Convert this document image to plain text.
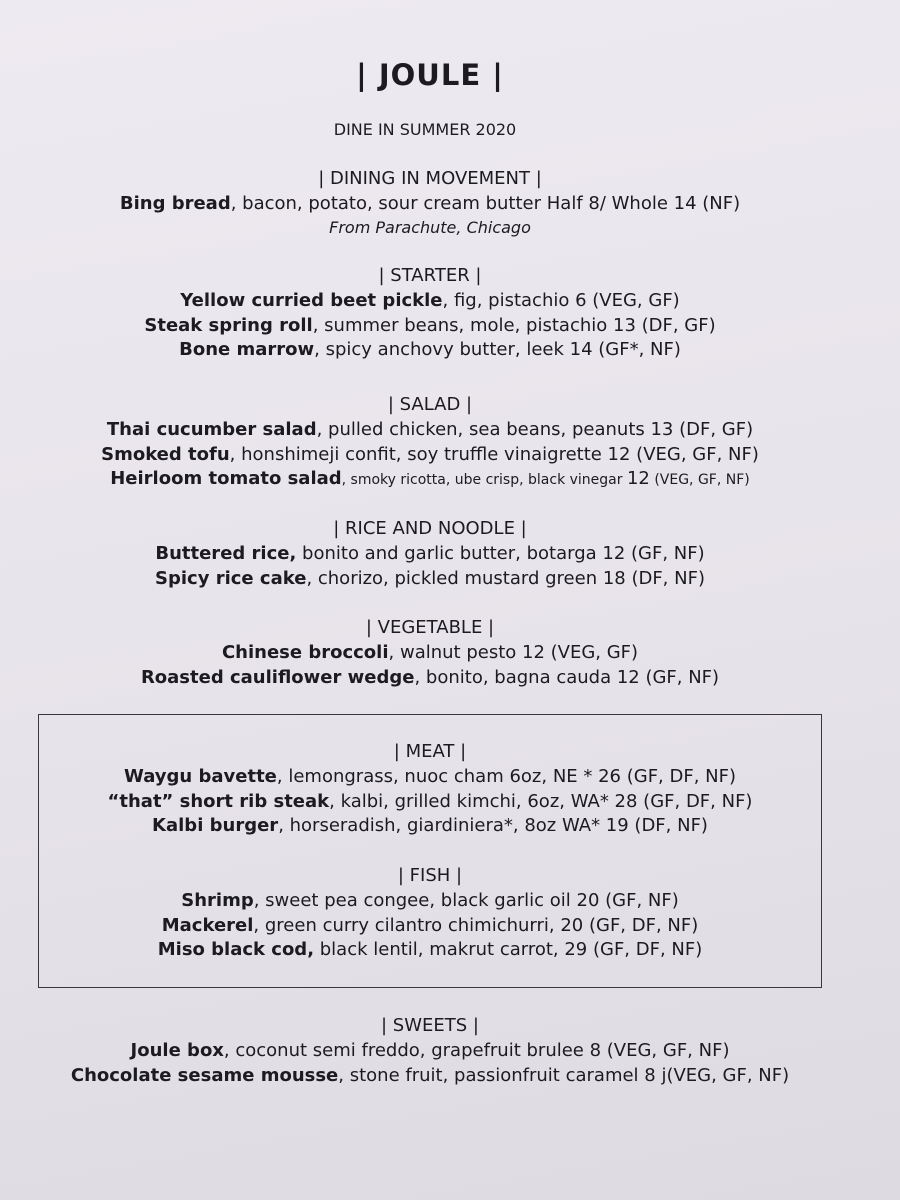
| JOULE |
DINE IN SUMMER 2020
| DINING IN MOVEMENT |
Bing bread, bacon, potato, sour cream butter Half 8/ Whole 14 (NF)
From Parachute, Chicago
| STARTER |
Yellow curried beet pickle, fig, pistachio 6 (VEG, GF)
Steak spring roll, summer beans, mole, pistachio 13 (DF, GF)
Bone marrow, spicy anchovy butter, leek 14 (GF*, NF)
| SALAD |
Thai cucumber salad, pulled chicken, sea beans, peanuts 13 (DF, GF)
Smoked tofu, honshimeji confit, soy truffle vinaigrette 12 (VEG, GF, NF)
Heirloom tomato salad, smoky ricotta, ube crisp, black vinegar 12 (VEG, GF, NF)
| RICE AND NOODLE |
Buttered rice, bonito and garlic butter, botarga 12 (GF, NF)
Spicy rice cake, chorizo, pickled mustard green 18 (DF, NF)
| VEGETABLE |
Chinese broccoli, walnut pesto 12 (VEG, GF)
Roasted cauliflower wedge, bonito, bagna cauda 12 (GF, NF)
| MEAT |
Waygu bavette, lemongrass, nuoc cham 6oz, NE * 26 (GF, DF, NF)
“that” short rib steak, kalbi, grilled kimchi, 6oz, WA* 28 (GF, DF, NF)
Kalbi burger, horseradish, giardiniera*, 8oz WA* 19 (DF, NF)
| FISH |
Shrimp, sweet pea congee, black garlic oil 20 (GF, NF)
Mackerel, green curry cilantro chimichurri, 20 (GF, DF, NF)
Miso black cod, black lentil, makrut carrot, 29 (GF, DF, NF)
| SWEETS |
Joule box, coconut semi freddo, grapefruit brulee 8 (VEG, GF, NF)
Chocolate sesame mousse, stone fruit, passionfruit caramel 8 j(VEG, GF, NF)
